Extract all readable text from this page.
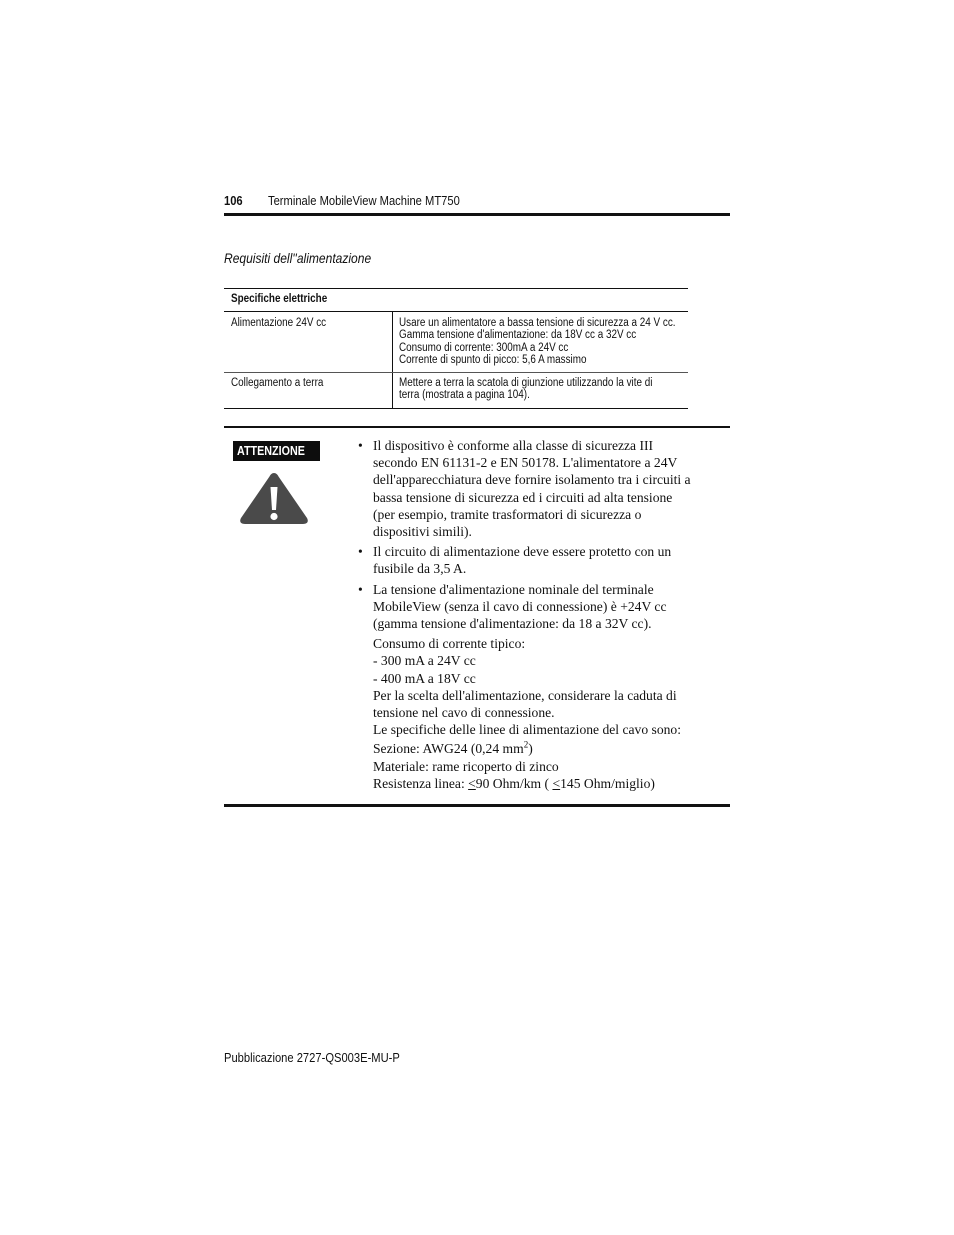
106 Terminale MobileView Machine MT750
Requisiti dell''alimentazione
Specifiche elettriche
Alimentazione 24V cc	Usare un alimentatore a bassa tensione di sicurezza a 24 V cc.
Gamma tensione d'alimentazione: da 18V cc a 32V cc
Consumo di corrente: 300mA a 24V cc
Corrente di spunto di picco: 5,6 A massimo
Collegamento a terra	Mettere a terra la scatola di giunzione utilizzando la vite di
terra (mostrata a pagina 104).
ATTENZIONE	• Il dispositivo è conforme alla classe di sicurezza III
secondo EN 61131-2 e EN 50178. L'alimentatore a 24V
dell'apparecchiatura deve fornire isolamento tra i circuiti a
bassa tensione di sicurezza ed i circuiti ad alta tensione
(per esempio, tramite trasformatori di sicurezza o
dispositivi simili).
• Il circuito di alimentazione deve essere protetto con un
fusibile da 3,5 A.
• La tensione d'alimentazione nominale del terminale
MobileView (senza il cavo di connessione) è +24V cc
(gamma tensione d'alimentazione: da 18 a 32V cc).
Consumo di corrente tipico:
- 300 mA a 24V cc
- 400 mA a 18V cc
Per la scelta dell'alimentazione, considerare la caduta di
tensione nel cavo di connessione.
Le specifiche delle linee di alimentazione del cavo sono:
Sezione: AWG24 (0,24 $mm^2$)
Materiale: rame ricoperto di zinco
Resistenza linea: <90 Ohm/km ( <145 Ohm/miglio)
Pubblicazione 2727-QS003E-MU-P
